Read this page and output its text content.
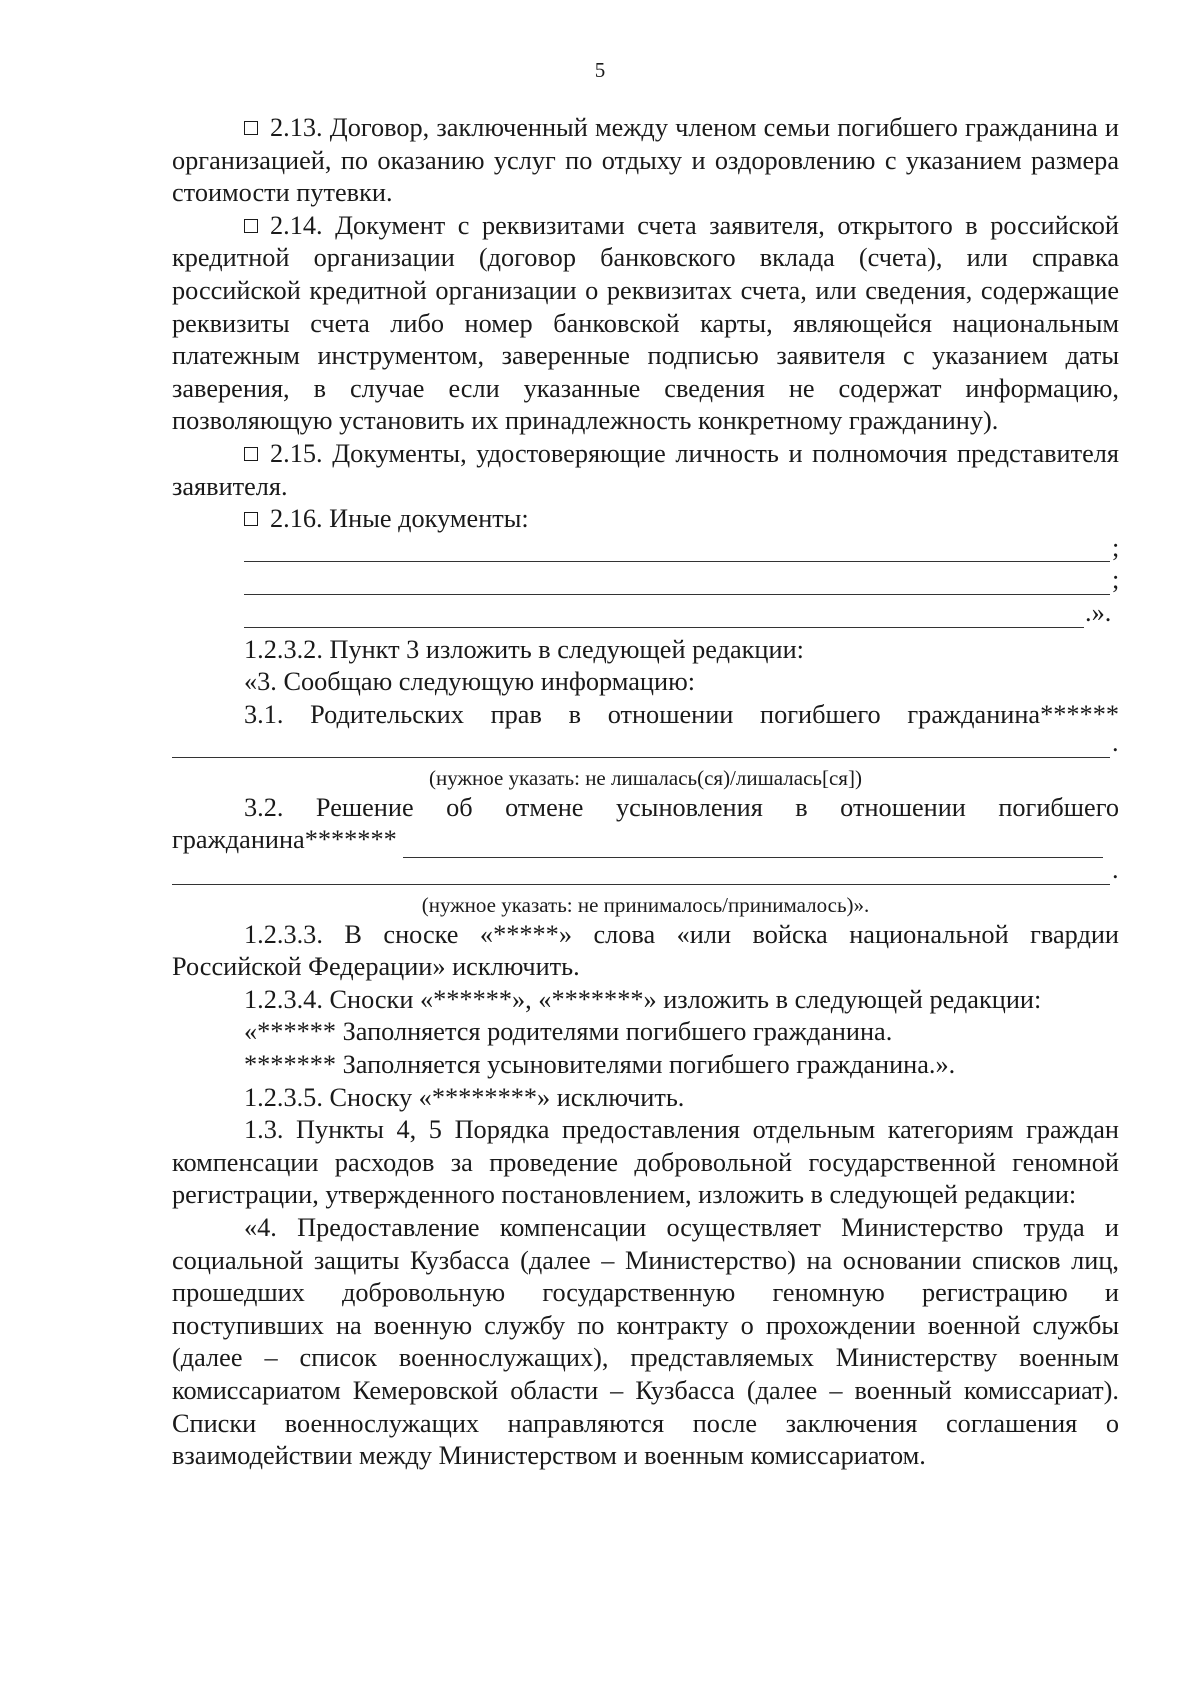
5

2.13. Договор, заключенный между членом семьи погибшего гражданина и организацией, по оказанию услуг по отдыху и оздоровлению с указанием размера стоимости путевки.

2.14. Документ с реквизитами счета заявителя, открытого в российской кредитной организации (договор банковского вклада (счета), или справка российской кредитной организации о реквизитах счета, или сведения, содержащие реквизиты счета либо номер банковской карты, являющейся национальным платежным инструментом, заверенные подписью заявителя с указанием даты заверения, в случае если указанные сведения не содержат информацию, позволяющую установить их принадлежность конкретному гражданину).

2.15. Документы, удостоверяющие личность и полномочия представителя заявителя.

2.16. Иные документы:

;
;
.».

1.2.3.2. Пункт 3 изложить в следующей редакции:

«3. Сообщаю следующую информацию:

3.1. Родительских прав в отношении погибшего гражданина******

.

(нужное указать: не лишалась(ся)/лишалась[ся])

3.2. Решение об отмене усыновления в отношении погибшего

гражданина*******

.

(нужное указать: не принималось/принималось)».

1.2.3.3. В сноске «*****» слова «или войска национальной гвардии Российской Федерации» исключить.

1.2.3.4. Сноски «******», «*******» изложить в следующей редакции:

«****** Заполняется родителями погибшего гражданина.

******* Заполняется усыновителями погибшего гражданина.».

1.2.3.5. Сноску «********» исключить.

1.3. Пункты 4, 5 Порядка предоставления отдельным категориям граждан компенсации расходов за проведение добровольной государственной геномной регистрации, утвержденного постановлением, изложить в следующей редакции:

«4. Предоставление компенсации осуществляет Министерство труда и социальной защиты Кузбасса (далее – Министерство) на основании списков лиц, прошедших добровольную государственную геномную регистрацию и поступивших на военную службу по контракту о прохождении военной службы (далее – список военнослужащих), представляемых Министерству военным комиссариатом Кемеровской области – Кузбасса (далее – военный комиссариат). Списки военнослужащих направляются после заключения соглашения о взаимодействии между Министерством и военным комиссариатом.
